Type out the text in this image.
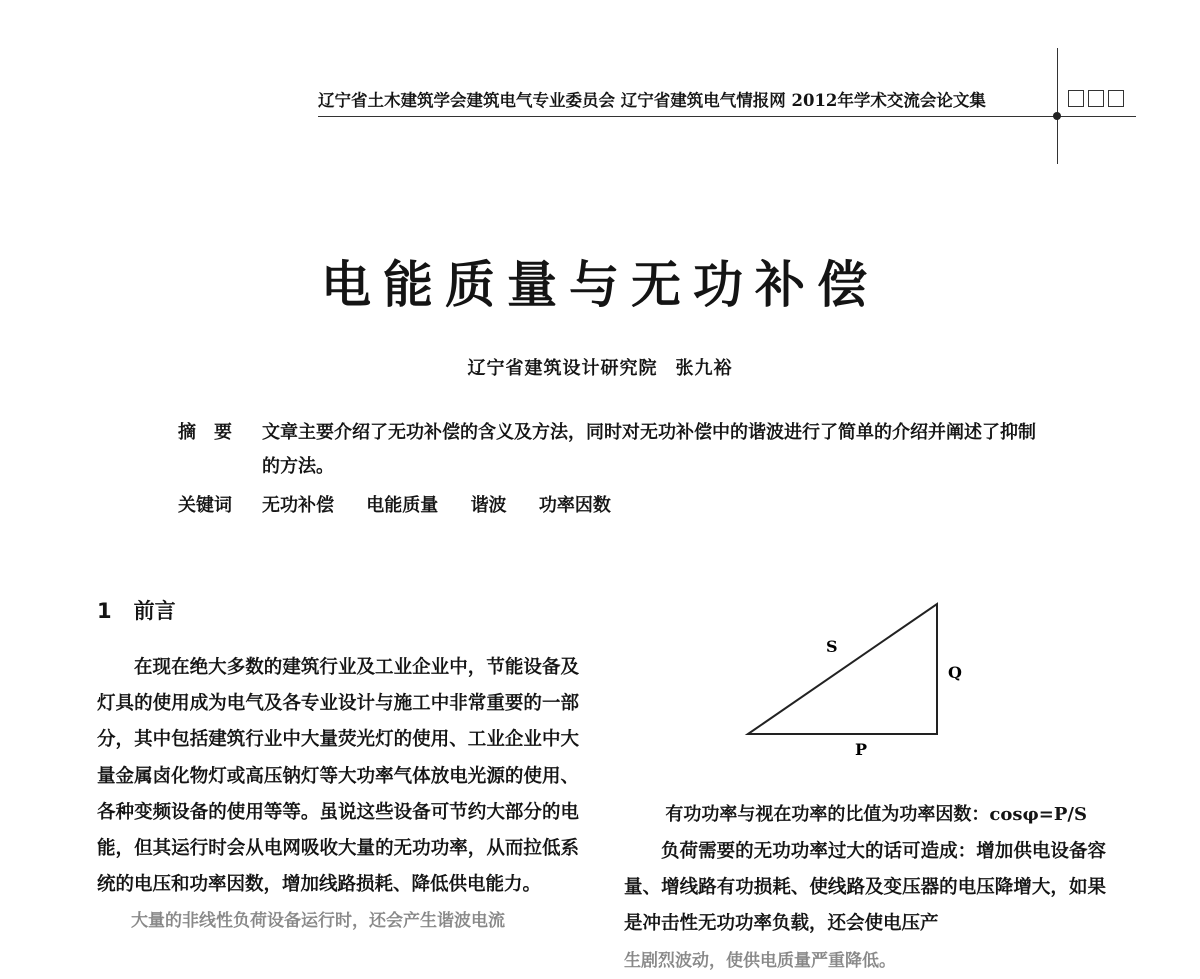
辽宁省土木建筑学会建筑电气专业委员会 辽宁省建筑电气情报网 2012年学术交流会论文集
电能质量与无功补偿
辽宁省建筑设计研究院 张九裕
摘要 文章主要介绍了无功补偿的含义及方法，同时对无功补偿中的谐波进行了简单的介绍并阐述了抑制的方法。
关键词 无功补偿 电能质量 谐波 功率因数
1 前言

在现在绝大多数的建筑行业及工业企业中，节能设备及灯具的使用成为电气及各专业设计与施工中非常重要的一部分，其中包括建筑行业中大量荧光灯的使用、工业企业中大量金属卤化物灯或高压钠灯等大功率气体放电光源的使用、各种变频设备的使用等等。虽说这些设备可节约大部分的电能，但其运行时会从电网吸收大量的无功功率，从而拉低系统的电压和功率因数，增加线路损耗、降低供电能力。

大量的非线性负荷设备运行时，还会产生谐波电流

S
Q
P
有功功率与视在功率的比值为功率因数：cosφ=P/S

负荷需要的无功功率过大的话可造成：增加供电设备容量、增线路有功损耗、使线路及变压器的电压降增大，如果是冲击性无功功率负载，还会使电压产

生剧烈波动，使供电质量严重降低。
